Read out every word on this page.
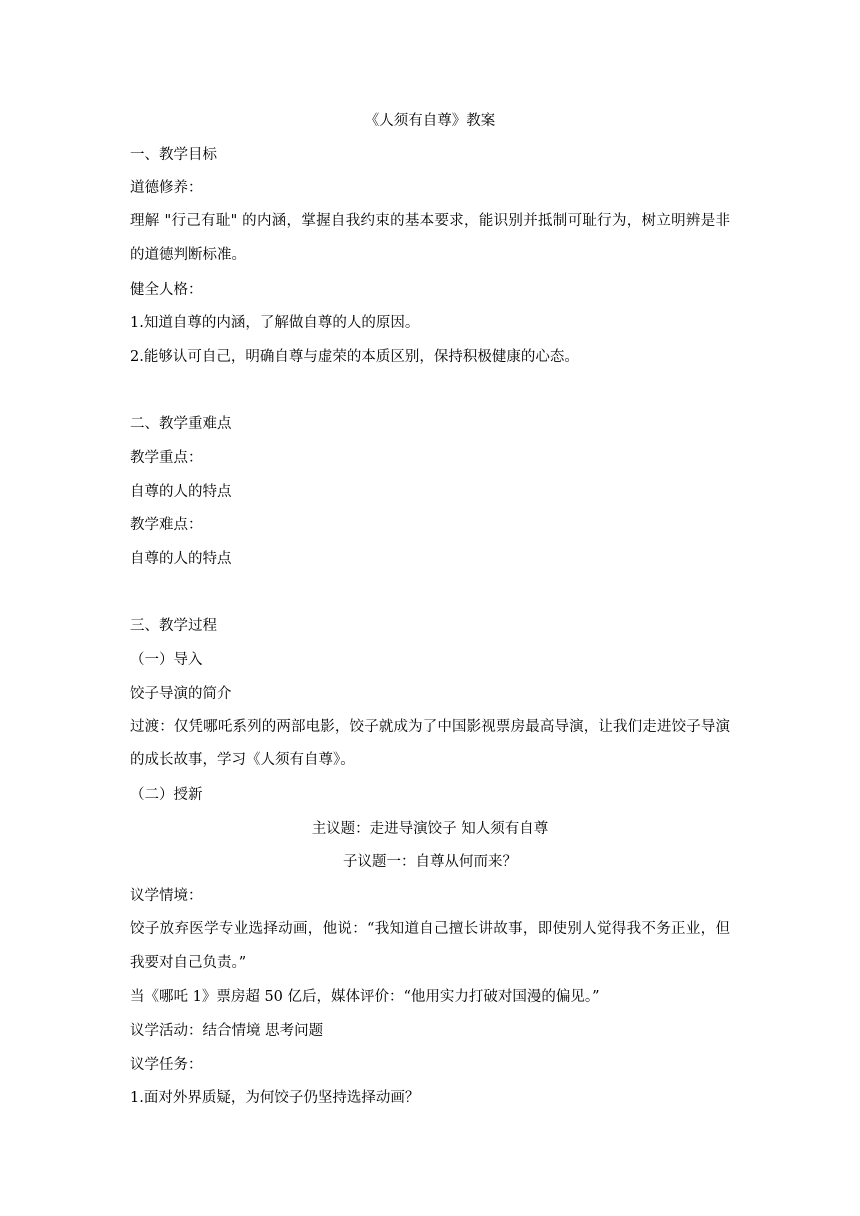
《人须有自尊》教案
一、教学目标
道德修养：
理解 "行己有耻" 的内涵，掌握自我约束的基本要求，能识别并抵制可耻行为，树立明辨是非的道德判断标准。
健全人格：
1.知道自尊的内涵，了解做自尊的人的原因。
2.能够认可自己，明确自尊与虚荣的本质区别，保持积极健康的心态。
二、教学重难点
教学重点：
自尊的人的特点
教学难点：
自尊的人的特点
三、教学过程
（一）导入
饺子导演的简介
过渡：仅凭哪吒系列的两部电影，饺子就成为了中国影视票房最高导演，让我们走进饺子导演的成长故事，学习《人须有自尊》。
（二）授新
主议题：走进导演饺子 知人须有自尊
子议题一：自尊从何而来？
议学情境：
饺子放弃医学专业选择动画，他说：“我知道自己擅长讲故事，即使别人觉得我不务正业，但我要对自己负责。”
当《哪吒 1》票房超 50 亿后，媒体评价：“他用实力打破对国漫的偏见。”
议学活动：结合情境 思考问题
议学任务：
1.面对外界质疑，为何饺子仍坚持选择动画？
